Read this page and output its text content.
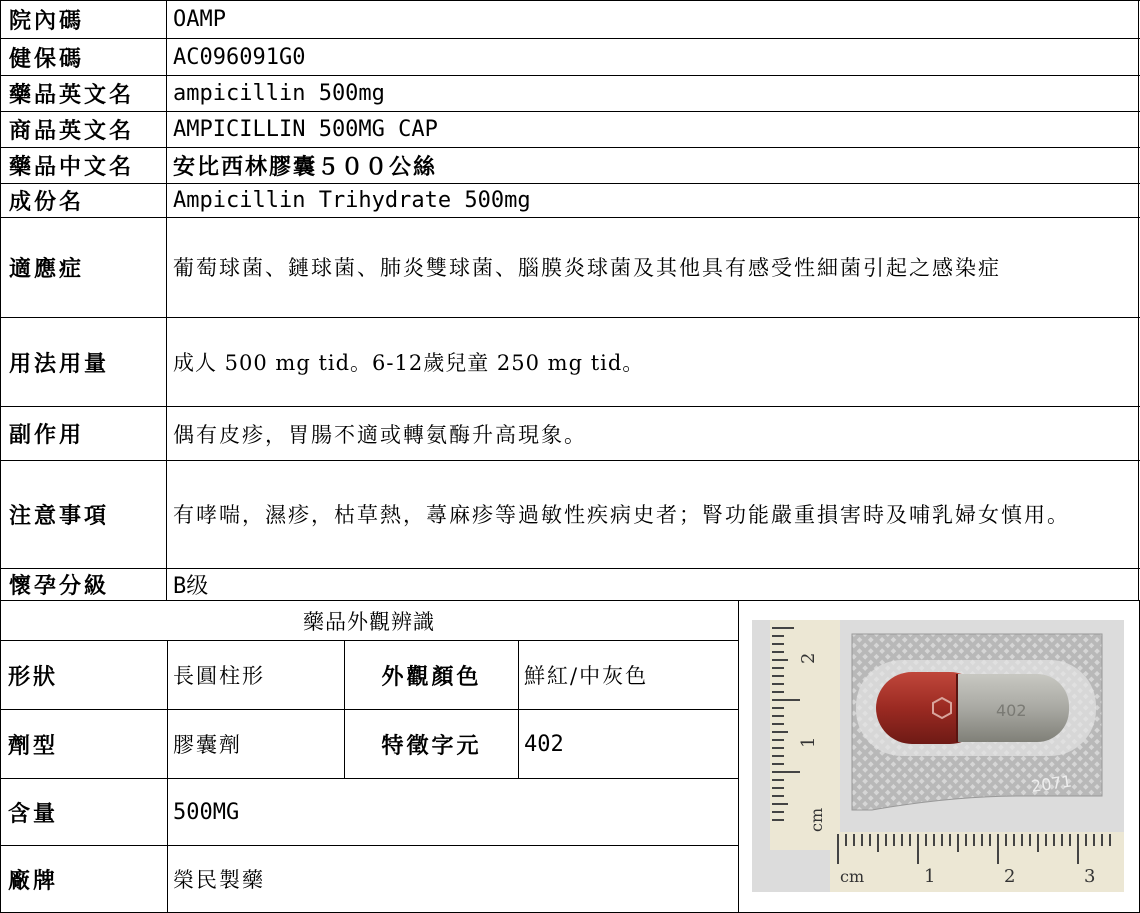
院內碼	OAMP
健保碼	AC096091G0
藥品英文名	ampicillin 500mg
商品英文名	AMPICILLIN 500MG CAP
藥品中文名	安比西林膠囊５００公絲
成份名	Ampicillin Trihydrate 500mg
適應症	葡萄球菌、鏈球菌、肺炎雙球菌、腦膜炎球菌及其他具有感受性細菌引起之感染症
用法用量	成人 500 mg tid。6-12歲兒童 250 mg tid。
副作用	偶有皮疹，胃腸不適或轉氨酶升高現象。
注意事項	有哮喘，濕疹，枯草熱，蕁麻疹等過敏性疾病史者；腎功能嚴重損害時及哺乳婦女慎用。
懷孕分級	B级
藥品外觀辨識
形狀	長圓柱形	外觀顏色	鮮紅/中灰色
劑型	膠囊劑	特徵字元	402
含量	500MG
廠牌	榮民製藥
2
1
cm
402
2071
cm	1	2	3
